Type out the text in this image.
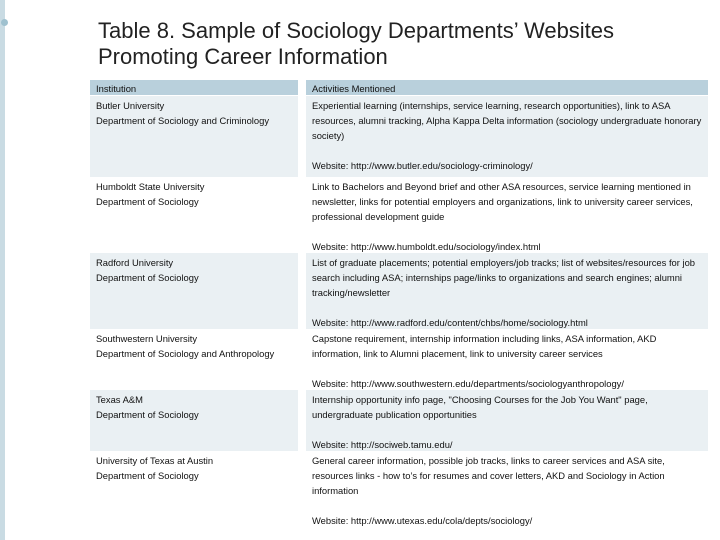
Table 8. Sample of Sociology Departments’ Websites Promoting Career Information
Institution	Activities Mentioned
Butler University
Department of Sociology and Criminology
Experiential learning (internships, service learning, research opportunities), link to ASA resources, alumni tracking, Alpha Kappa Delta information (sociology undergraduate honorary society)
Website: http://www.butler.edu/sociology-criminology/
Humboldt State University
Department of Sociology
Link to Bachelors and Beyond brief and other ASA resources, service learning mentioned in newsletter, links for potential employers and organizations, link to university career services, professional development guide
Website: http://www.humboldt.edu/sociology/index.html
Radford University
Department of Sociology
List of graduate placements; potential employers/job tracks; list of websites/resources for job search including ASA; internships page/links to organizations and search engines; alumni tracking/newsletter
Website: http://www.radford.edu/content/chbs/home/sociology.html
Southwestern University
Department of Sociology and Anthropology
Capstone requirement, internship information including links, ASA information, AKD information, link to Alumni placement, link to university career services
Website: http://www.southwestern.edu/departments/sociologyanthropology/
Texas A&M
Department of Sociology
Internship opportunity info page, "Choosing Courses for the Job You Want" page, undergraduate publication opportunities
Website: http://sociweb.tamu.edu/
University of Texas at Austin
Department of Sociology
General career information, possible job tracks, links to career services and ASA site, resources links - how to’s for resumes and cover letters, AKD and Sociology in Action information
Website: http://www.utexas.edu/cola/depts/sociology/
